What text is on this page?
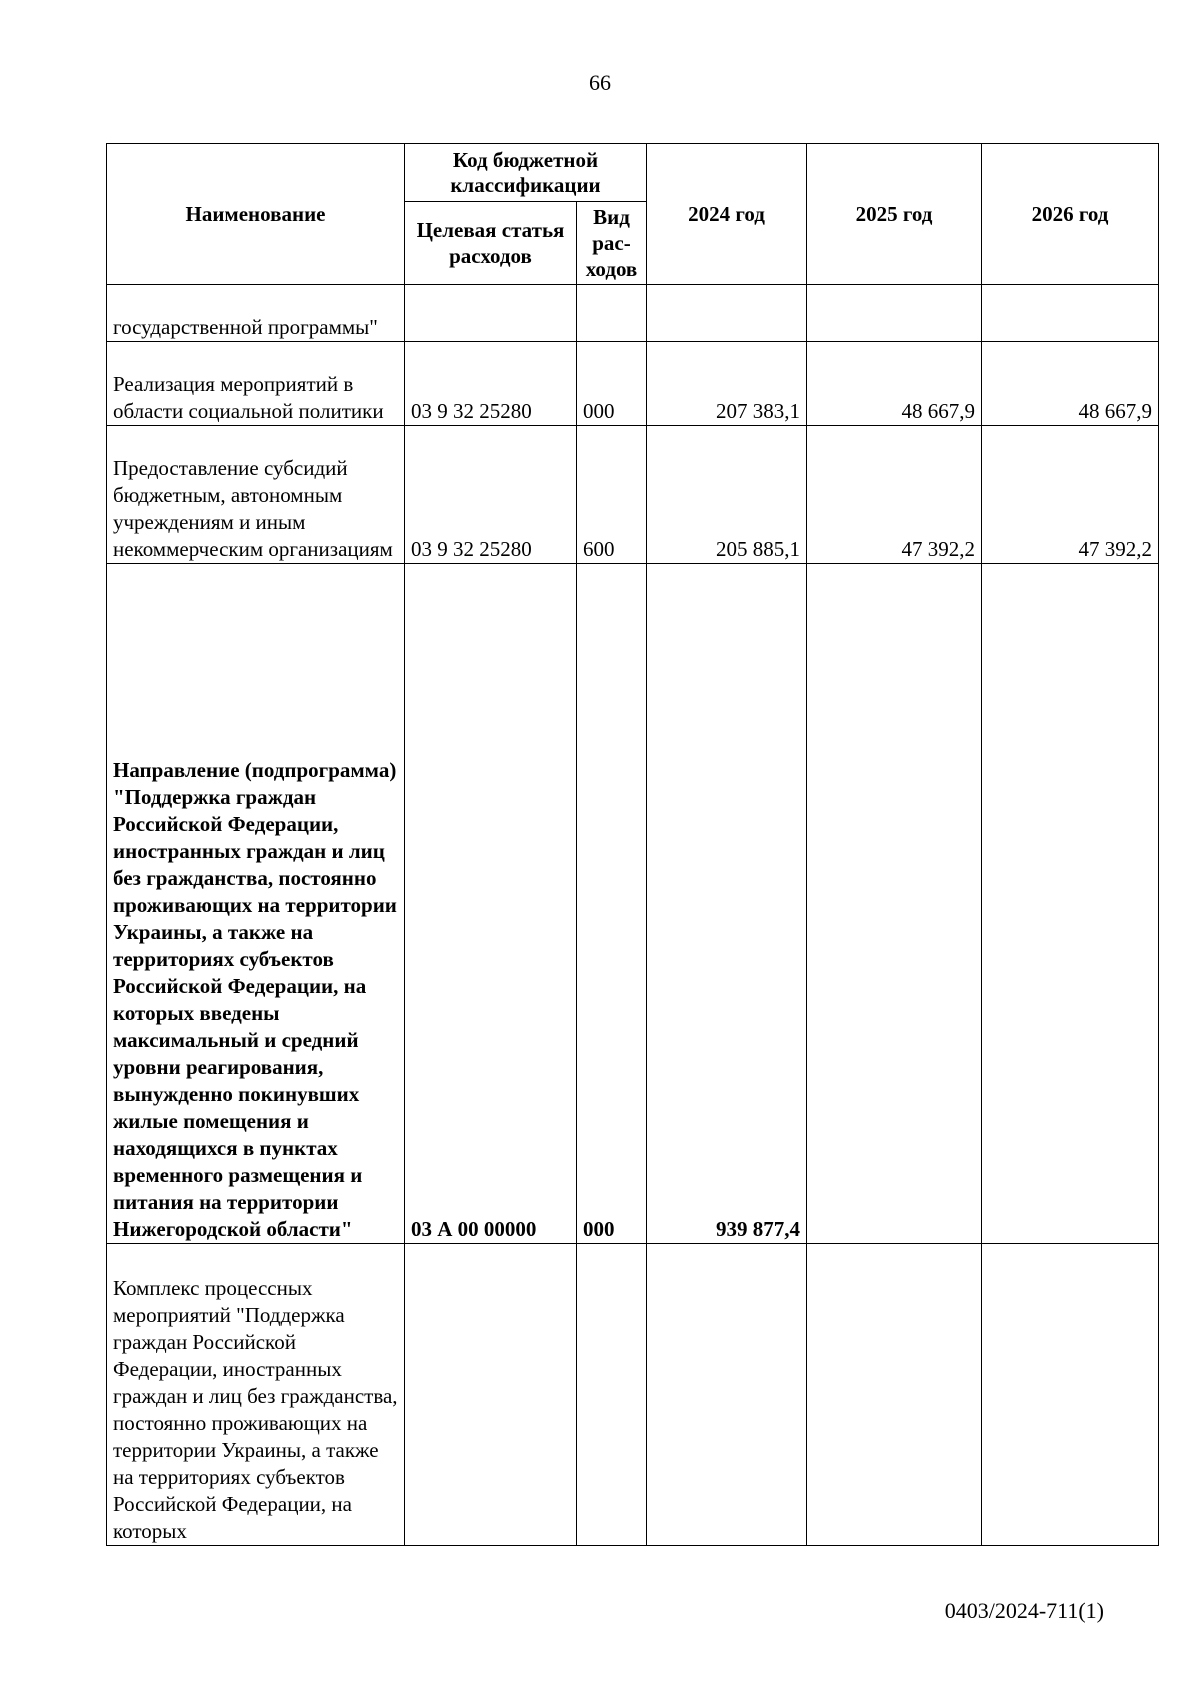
66
Наименование	Код бюджетной классификации		2024 год	2025 год	2026 год
	Целевая статья расходов	Вид рас-ходов			
государственной программы"					
Реализация мероприятий в области социальной политики	03 9 32 25280	000	207 383,1	48 667,9	48 667,9
Предоставление субсидий бюджетным, автономным учреждениям и иным некоммерческим организациям	03 9 32 25280	600	205 885,1	47 392,2	47 392,2
Направление (подпрограмма) "Поддержка граждан Российской Федерации, иностранных граждан и лиц без гражданства, постоянно проживающих на территории Украины, а также на территориях субъектов Российской Федерации, на которых введены максимальный и средний уровни реагирования, вынужденно покинувших жилые помещения и находящихся в пунктах временного размещения и питания на территории Нижегородской области"	03 А 00 00000	000	939 877,4		
Комплекс процессных мероприятий "Поддержка граждан Российской Федерации, иностранных граждан и лиц без гражданства, постоянно проживающих на территории Украины, а также на территориях субъектов Российской Федерации, на которых					
0403/2024-711(1)
